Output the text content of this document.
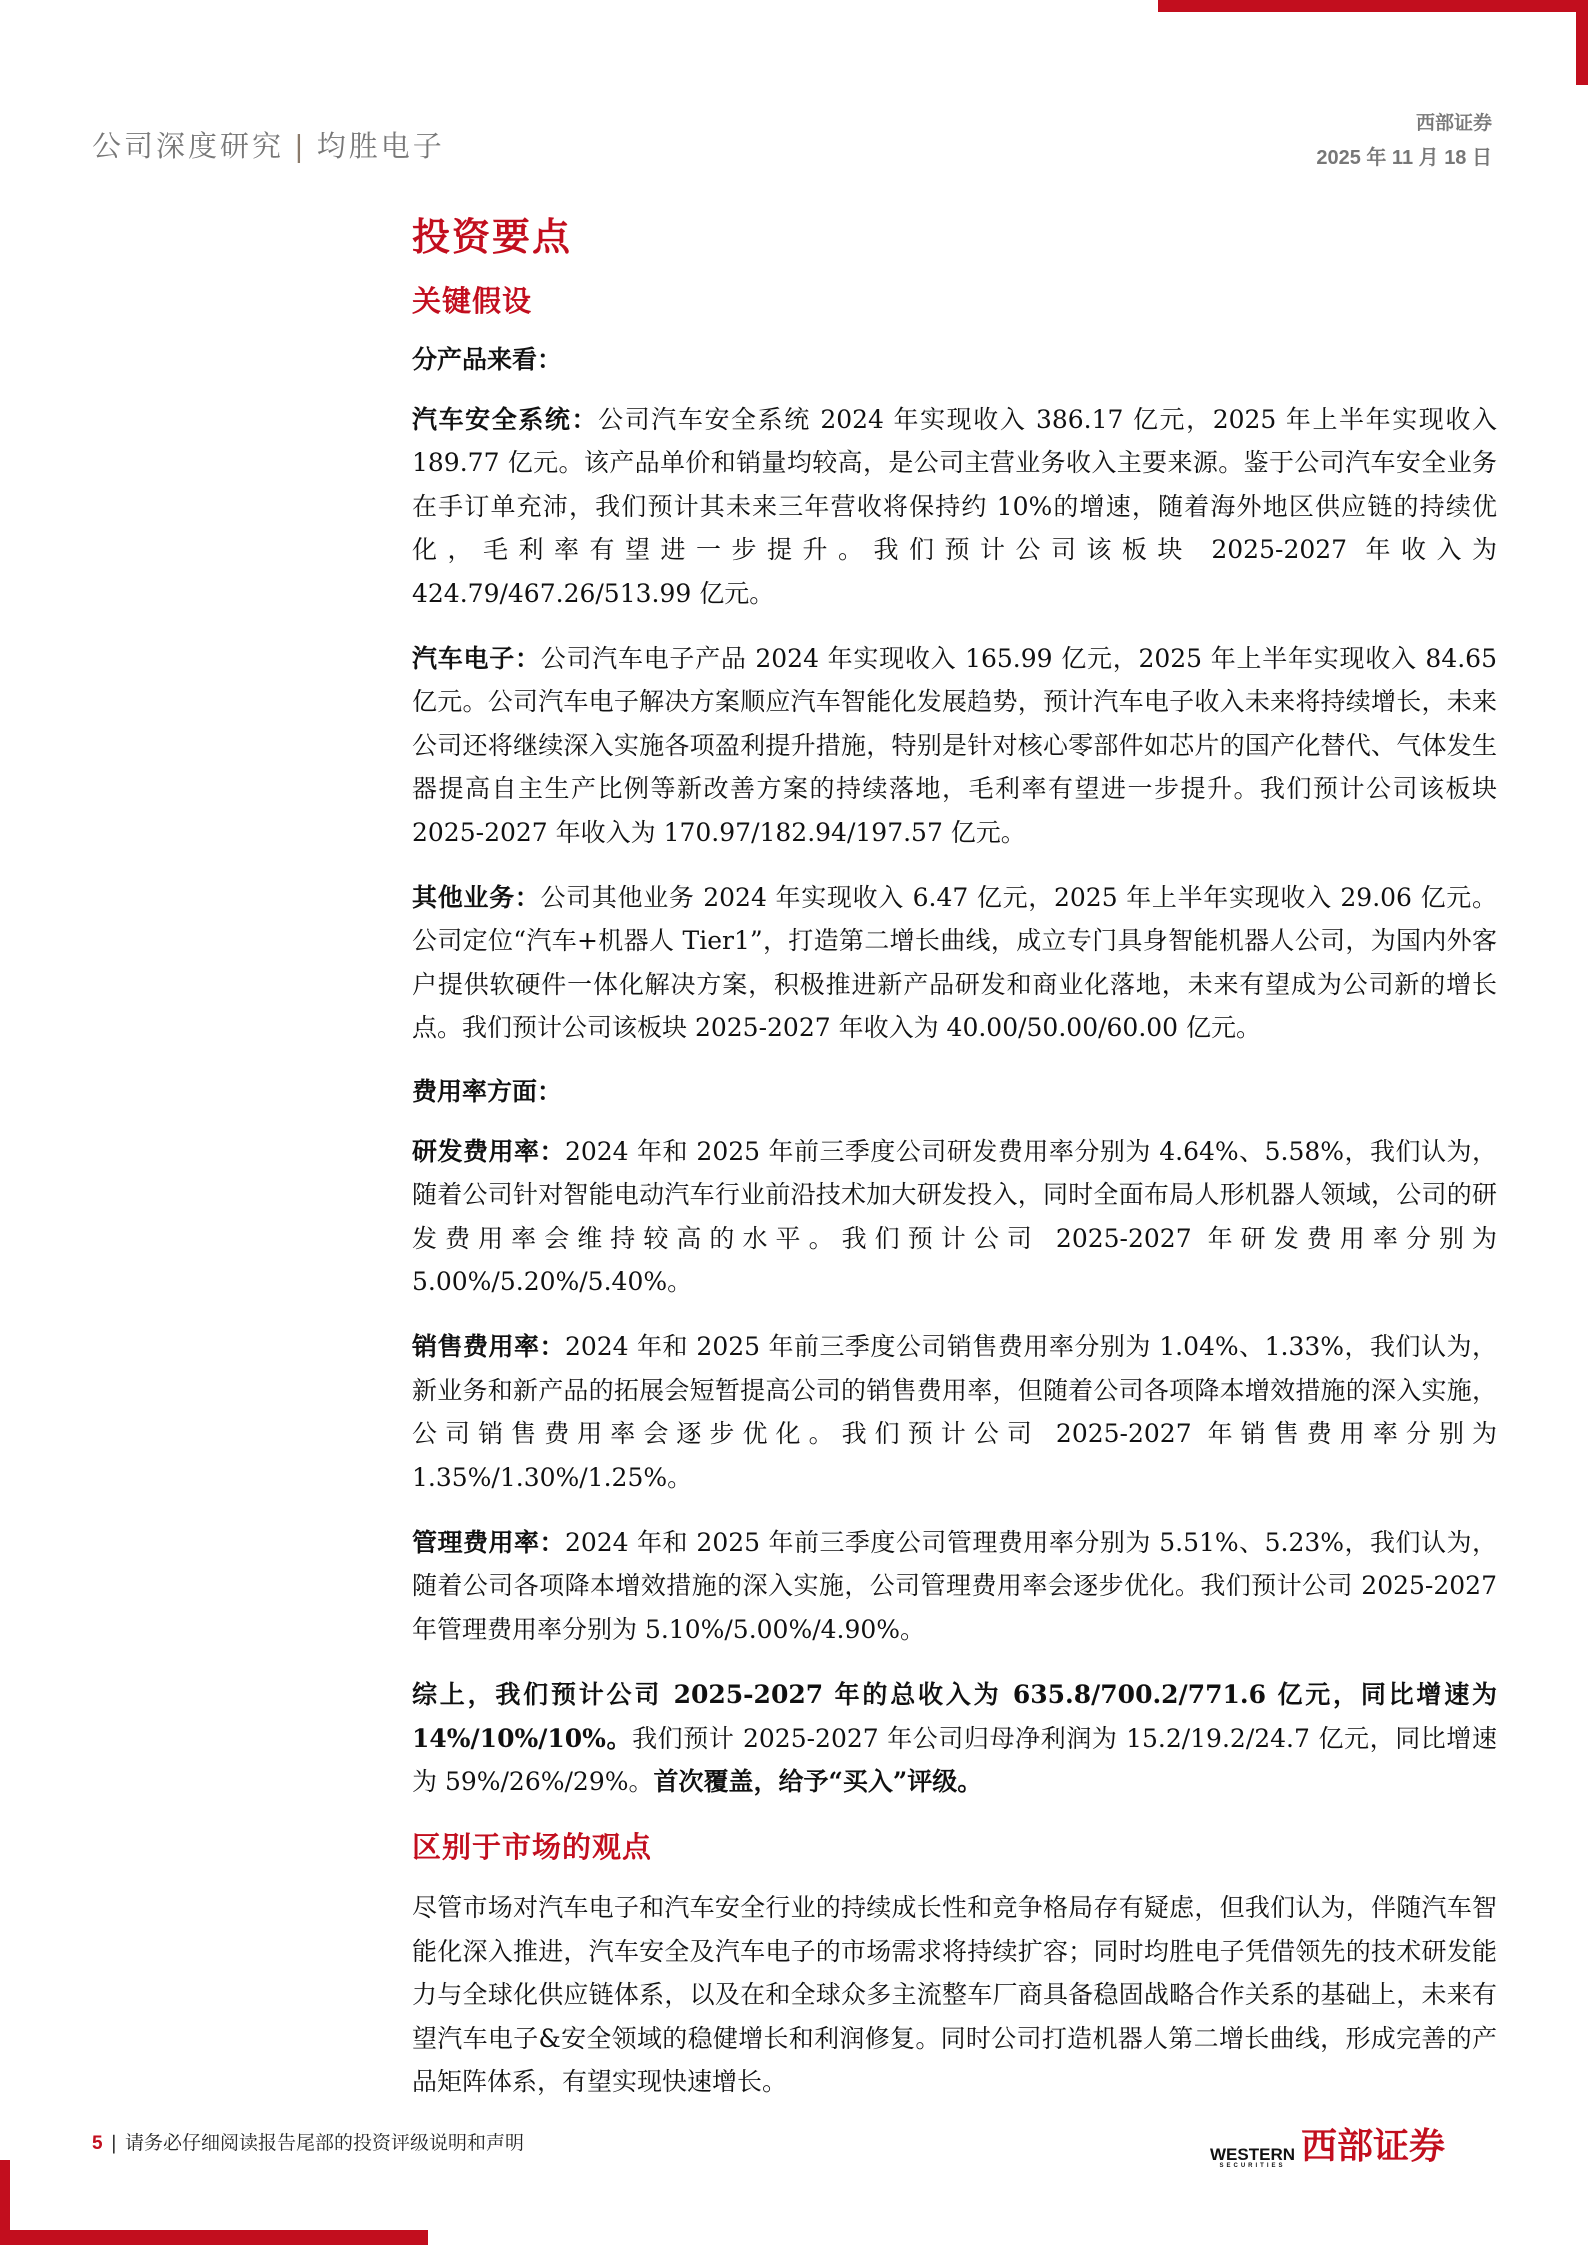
公司深度研究 | 均胜电子
西部证券
2025 年 11 月 18 日
投资要点
关键假设
分产品来看：

汽车安全系统：公司汽车安全系统 2024 年实现收入 386.17 亿元，2025 年上半年实现收入 189.77 亿元。该产品单价和销量均较高，是公司主营业务收入主要来源。鉴于公司汽车安全业务在手订单充沛，我们预计其未来三年营收将保持约 10%的增速，随着海外地区供应链的持续优化，毛利率有望进一步提升。我们预计公司该板块 2025-2027 年收入为 424.79/467.26/513.99 亿元。

汽车电子：公司汽车电子产品 2024 年实现收入 165.99 亿元，2025 年上半年实现收入 84.65 亿元。公司汽车电子解决方案顺应汽车智能化发展趋势，预计汽车电子收入未来将持续增长，未来公司还将继续深入实施各项盈利提升措施，特别是针对核心零部件如芯片的国产化替代、气体发生器提高自主生产比例等新改善方案的持续落地，毛利率有望进一步提升。我们预计公司该板块 2025-2027 年收入为 170.97/182.94/197.57 亿元。

其他业务：公司其他业务 2024 年实现收入 6.47 亿元，2025 年上半年实现收入 29.06 亿元。公司定位“汽车+机器人 Tier1”，打造第二增长曲线，成立专门具身智能机器人公司，为国内外客户提供软硬件一体化解决方案，积极推进新产品研发和商业化落地，未来有望成为公司新的增长点。我们预计公司该板块 2025-2027 年收入为 40.00/50.00/60.00 亿元。

费用率方面：

研发费用率：2024 年和 2025 年前三季度公司研发费用率分别为 4.64%、5.58%，我们认为，随着公司针对智能电动汽车行业前沿技术加大研发投入，同时全面布局人形机器人领域，公司的研发费用率会维持较高的水平。我们预计公司 2025-2027 年研发费用率分别为 5.00%/5.20%/5.40%。

销售费用率：2024 年和 2025 年前三季度公司销售费用率分别为 1.04%、1.33%，我们认为，新业务和新产品的拓展会短暂提高公司的销售费用率，但随着公司各项降本增效措施的深入实施，公司销售费用率会逐步优化。我们预计公司 2025-2027 年销售费用率分别为 1.35%/1.30%/1.25%。

管理费用率：2024 年和 2025 年前三季度公司管理费用率分别为 5.51%、5.23%，我们认为，随着公司各项降本增效措施的深入实施，公司管理费用率会逐步优化。我们预计公司 2025-2027 年管理费用率分别为 5.10%/5.00%/4.90%。

综上，我们预计公司 2025-2027 年的总收入为 635.8/700.2/771.6 亿元，同比增速为 14%/10%/10%。我们预计 2025-2027 年公司归母净利润为 15.2/19.2/24.7 亿元，同比增速为 59%/26%/29%。首次覆盖，给予“买入”评级。

区别于市场的观点

尽管市场对汽车电子和汽车安全行业的持续成长性和竞争格局存有疑虑，但我们认为，伴随汽车智能化深入推进，汽车安全及汽车电子的市场需求将持续扩容；同时均胜电子凭借领先的技术研发能力与全球化供应链体系，以及在和全球众多主流整车厂商具备稳固战略合作关系的基础上，未来有望汽车电子&安全领域的稳健增长和利润修复。同时公司打造机器人第二增长曲线，形成完善的产品矩阵体系，有望实现快速增长。

5 | 请务必仔细阅读报告尾部的投资评级说明和声明
WESTERN
SECURITIES 西部证券
